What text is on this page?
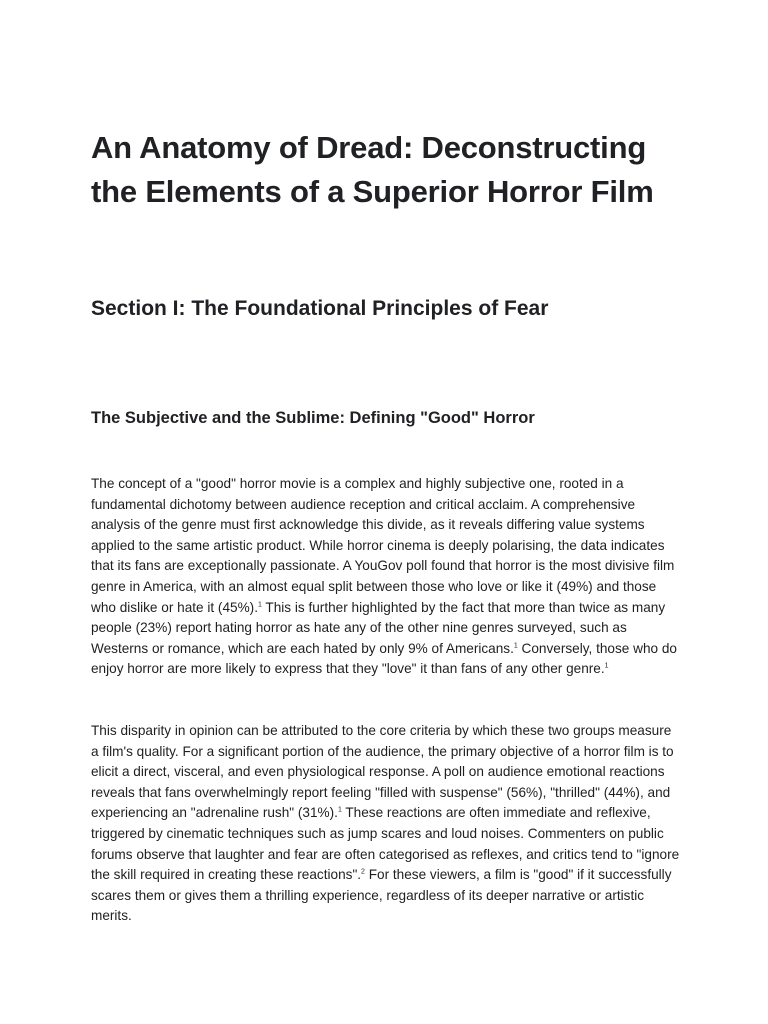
An Anatomy of Dread: Deconstructing the Elements of a Superior Horror Film
Section I: The Foundational Principles of Fear
The Subjective and the Sublime: Defining "Good" Horror

The concept of a "good" horror movie is a complex and highly subjective one, rooted in a fundamental dichotomy between audience reception and critical acclaim. A comprehensive analysis of the genre must first acknowledge this divide, as it reveals differing value systems applied to the same artistic product. While horror cinema is deeply polarising, the data indicates that its fans are exceptionally passionate. A YouGov poll found that horror is the most divisive film genre in America, with an almost equal split between those who love or like it (49%) and those who dislike or hate it (45%).$^1$ This is further highlighted by the fact that more than twice as many people (23%) report hating horror as hate any of the other nine genres surveyed, such as Westerns or romance, which are each hated by only 9% of Americans.$^1$ Conversely, those who do enjoy horror are more likely to express that they "love" it than fans of any other genre.$^1$

This disparity in opinion can be attributed to the core criteria by which these two groups measure a film's quality. For a significant portion of the audience, the primary objective of a horror film is to elicit a direct, visceral, and even physiological response. A poll on audience emotional reactions reveals that fans overwhelmingly report feeling "filled with suspense" (56%), "thrilled" (44%), and experiencing an "adrenaline rush" (31%).$^1$ These reactions are often immediate and reflexive, triggered by cinematic techniques such as jump scares and loud noises. Commenters on public forums observe that laughter and fear are often categorised as reflexes, and critics tend to "ignore the skill required in creating these reactions".$^2$ For these viewers, a film is "good" if it successfully scares them or gives them a thrilling experience, regardless of its deeper narrative or artistic merits.
